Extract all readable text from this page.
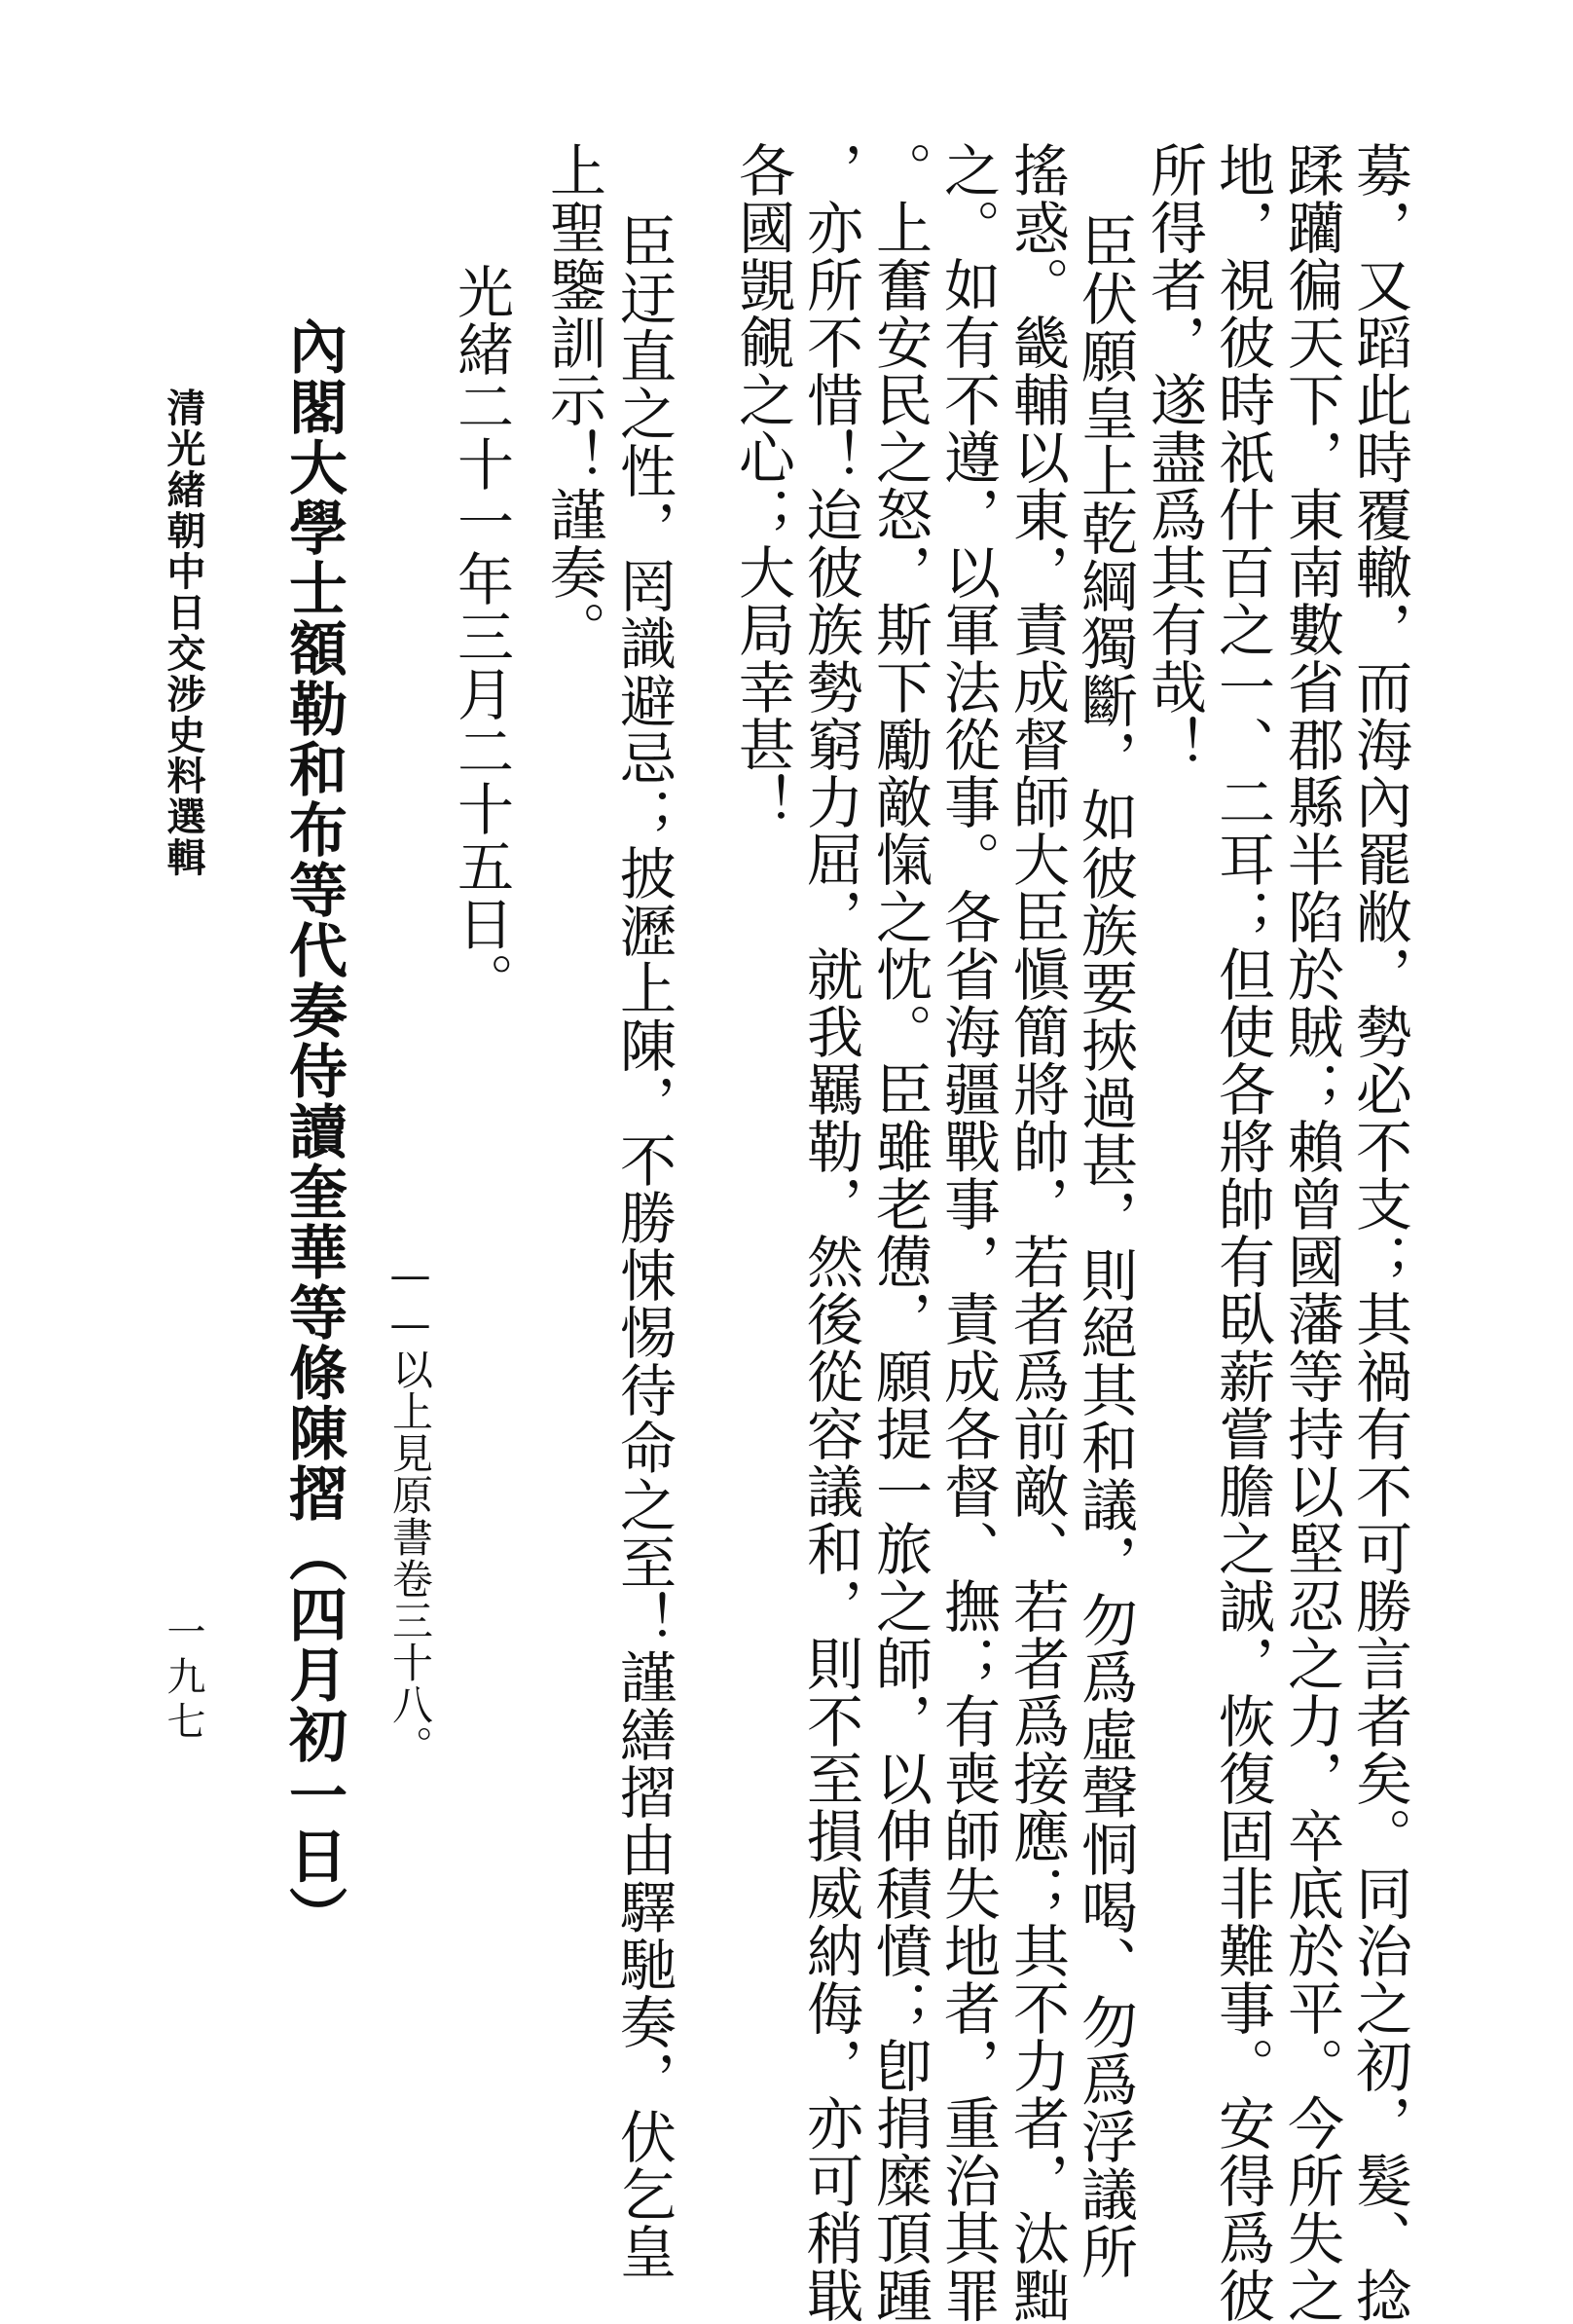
募，又蹈此時覆轍，而海內罷敝，勢必不支；其禍有不可勝言者矣。同治之初，髮、捻
蹂躪徧天下，東南數省郡縣半陷於賊；賴曾國藩等持以堅忍之力，卒底於平。今所失之
地，視彼時祇什百之一、二耳；但使各將帥有臥薪嘗膽之誠，恢復固非難事。安得爲彼
所得者，遂盡爲其有哉！
臣伏願皇上乾綱獨斷，如彼族要挾過甚，則絕其和議，勿爲虛聲恫喝、勿爲浮議所
搖惑。畿輔以東，責成督師大臣愼簡將帥，若者爲前敵、若者爲接應；其不力者，汰黜
之。如有不遵，以軍法從事。各省海疆戰事，責成各督、撫；有喪師失地者，重治其罪
。上奮安民之怒，斯下勵敵愾之忱。臣雖老憊，願提一旅之師，以伸積憤；卽捐糜頂踵
，亦所不惜！迨彼族勢窮力屈，就我羈勒，然後從容議和，則不至損威納侮，亦可稍戢
各國覬覦之心；大局幸甚！
臣迂直之性，罔識避忌；披瀝上陳，不勝悚惕待命之至！謹繕摺由驛馳奏，伏乞皇
上聖鑒訓示！謹奏。
光緒二十一年三月二十五日。
——以上見原書卷三十八。
內閣大學士額勒和布等代奏侍讀奎華等條陳摺（四月初一日）
清光緒朝中日交涉史料選輯
一九七
